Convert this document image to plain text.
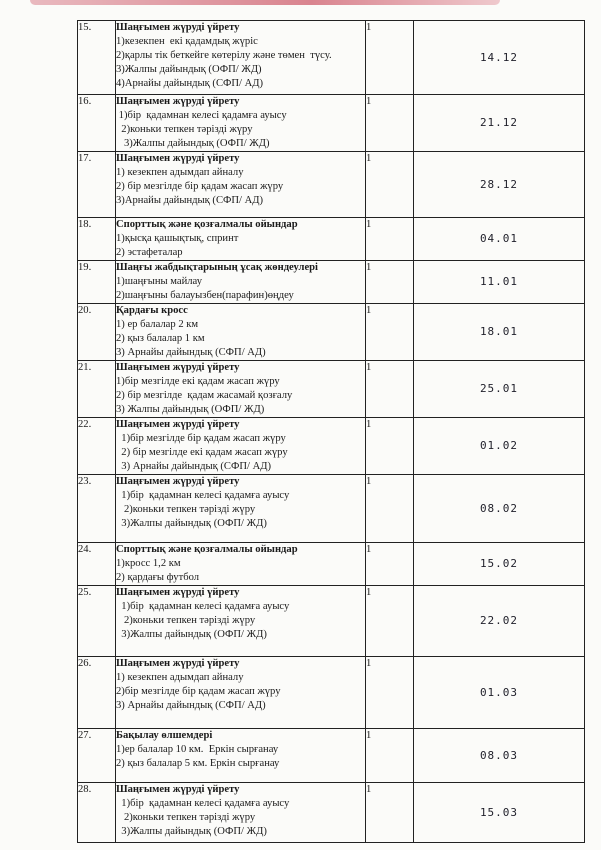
15.	Шаңғымен жүруді үйрету
1)кезекпен  екі қадамдық жүріс
2)қарлы тік беткейге көтерілу және төмен  түсу.
3)Жалпы дайындық (ОФП/ ЖД)
4)Арнайы дайындық (СФП/ АД)	1	14.12

16.	Шаңғымен жүруді үйрету
1)бір  қадамнан келесі қадамға ауысу
2)коньки тепкен тәрізді жүру
3)Жалпы дайындық (ОФП/ ЖД)	1	21.12

17.	Шаңғымен жүруді үйрету
1) кезекпен адымдап айналу
2) бір мезгілде бір қадам жасап жүру
3)Арнайы дайындық (СФП/ АД)	1	28.12

18.	Спорттық және қозғалмалы ойындар
1)қысқа қашықтық, спринт
2) эстафеталар	1	04.01

19.	Шаңғы жабдықтарының ұсақ жөндеулері
1)шаңғыны майлау
2)шаңғыны балауызбен(парафин)өңдеу	1	11.01

20.	Қардағы кросс
1) ер балалар 2 км
2) қыз балалар 1 км
3) Арнайы дайындық (СФП/ АД)	1	18.01

21.	Шаңғымен жүруді үйрету
1)бір мезгілде екі қадам жасап жүру
2) бір мезгілде  қадам жасамай қозғалу
3) Жалпы дайындық (ОФП/ ЖД)	1	25.01

22.	Шаңғымен жүруді үйрету
1)бір мезгілде бір қадам жасап жүру
2) бір мезгілде екі қадам жасап жүру
3) Арнайы дайындық (СФП/ АД)	1	01.02

23.	Шаңғымен жүруді үйрету
1)бір  қадамнан келесі қадамға ауысу
2)коньки тепкен тәрізді жүру
3)Жалпы дайындық (ОФП/ ЖД)	1	08.02

24.	Спорттық және қозғалмалы ойындар
1)кросс 1,2 км
2) қардағы футбол	1	15.02

25.	Шаңғымен жүруді үйрету
1)бір  қадамнан келесі қадамға ауысу
2)коньки тепкен тәрізді жүру
3)Жалпы дайындық (ОФП/ ЖД)	1	22.02

26.	Шаңғымен жүруді үйрету
1) кезекпен адымдап айналу
2)бір мезгілде бір қадам жасап жүру
3) Арнайы дайындық (СФП/ АД)	1	01.03

27.	Бақылау өлшемдері
1)ер балалар 10 км.  Еркін сырғанау
2) қыз балалар 5 км. Еркін сырғанау	1	08.03

28.	Шаңғымен жүруді үйрету
1)бір  қадамнан келесі қадамға ауысу
2)коньки тепкен тәрізді жүру
3)Жалпы дайындық (ОФП/ ЖД)	1	15.03
